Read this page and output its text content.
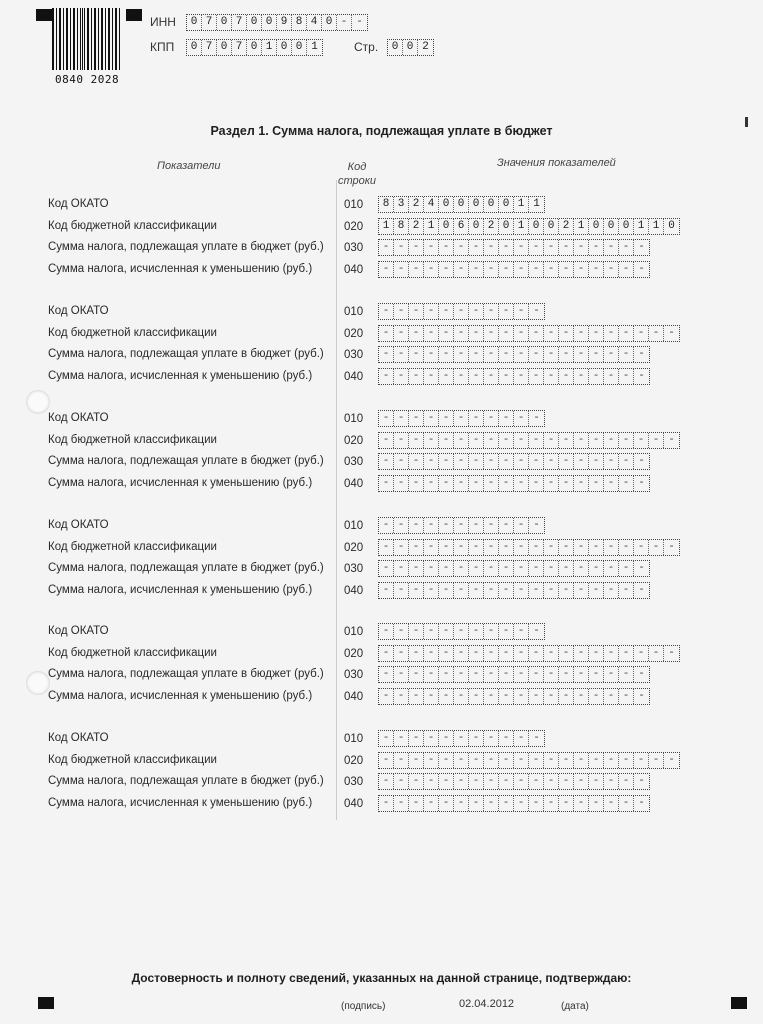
0840 2028
ИНН	0 7 0 7 0 0 9 8 4 0 - -
КПП	0 7 0 7 0 1 0 0 1	Стр.	0 0 2
Раздел 1. Сумма налога, подлежащая уплате в бюджет
Показатели	Код строки
Значения показателей
Код ОКАТО	010	8 3 2 4 0 0 0 0 0 1 1
Код бюджетной классификации	020	1 8 2 1 0 6 0 2 0 1 0 0 2 1 0 0 0 1 1 0
Сумма налога, подлежащая уплате в бюджет (руб.) 030	- - - - - - - - - - - - - - - - - -
Сумма налога, исчисленная к уменьшению (руб.)	040	- - - - - - - - - - - - - - - - - -
Код ОКАТО	010	- - - - - - - - - - -
Код бюджетной классификации	020	- - - - - - - - - - - - - - - - - - - -
Сумма налога, подлежащая уплате в бюджет (руб.) 030	- - - - - - - - - - - - - - - - - -
Сумма налога, исчисленная к уменьшению (руб.)	040	- - - - - - - - - - - - - - - - - -
Код ОКАТО	010	- - - - - - - - - - -
Код бюджетной классификации	020	- - - - - - - - - - - - - - - - - - - -
Сумма налога, подлежащая уплате в бюджет (руб.) 030	- - - - - - - - - - - - - - - - - -
Сумма налога, исчисленная к уменьшению (руб.)	040	- - - - - - - - - - - - - - - - - -
Код ОКАТО	010	- - - - - - - - - - -
Код бюджетной классификации	020	- - - - - - - - - - - - - - - - - - - -
Сумма налога, подлежащая уплате в бюджет (руб.) 030	- - - - - - - - - - - - - - - - - -
Сумма налога, исчисленная к уменьшению (руб.)	040	- - - - - - - - - - - - - - - - - -
Код ОКАТО	010	- - - - - - - - - - -
Код бюджетной классификации	020	- - - - - - - - - - - - - - - - - - - -
Сумма налога, подлежащая уплате в бюджет (руб.) 030	- - - - - - - - - - - - - - - - - -
Сумма налога, исчисленная к уменьшению (руб.)	040	- - - - - - - - - - - - - - - - - -
Код ОКАТО	010	- - - - - - - - - - -
Код бюджетной классификации	020	- - - - - - - - - - - - - - - - - - - -
Сумма налога, подлежащая уплате в бюджет (руб.) 030	- - - - - - - - - - - - - - - - - -
Сумма налога, исчисленная к уменьшению (руб.)	040	- - - - - - - - - - - - - - - - - -
Достоверность и полноту сведений, указанных на данной странице, подтверждаю:
(подпись)	02.04.2012	(дата)
